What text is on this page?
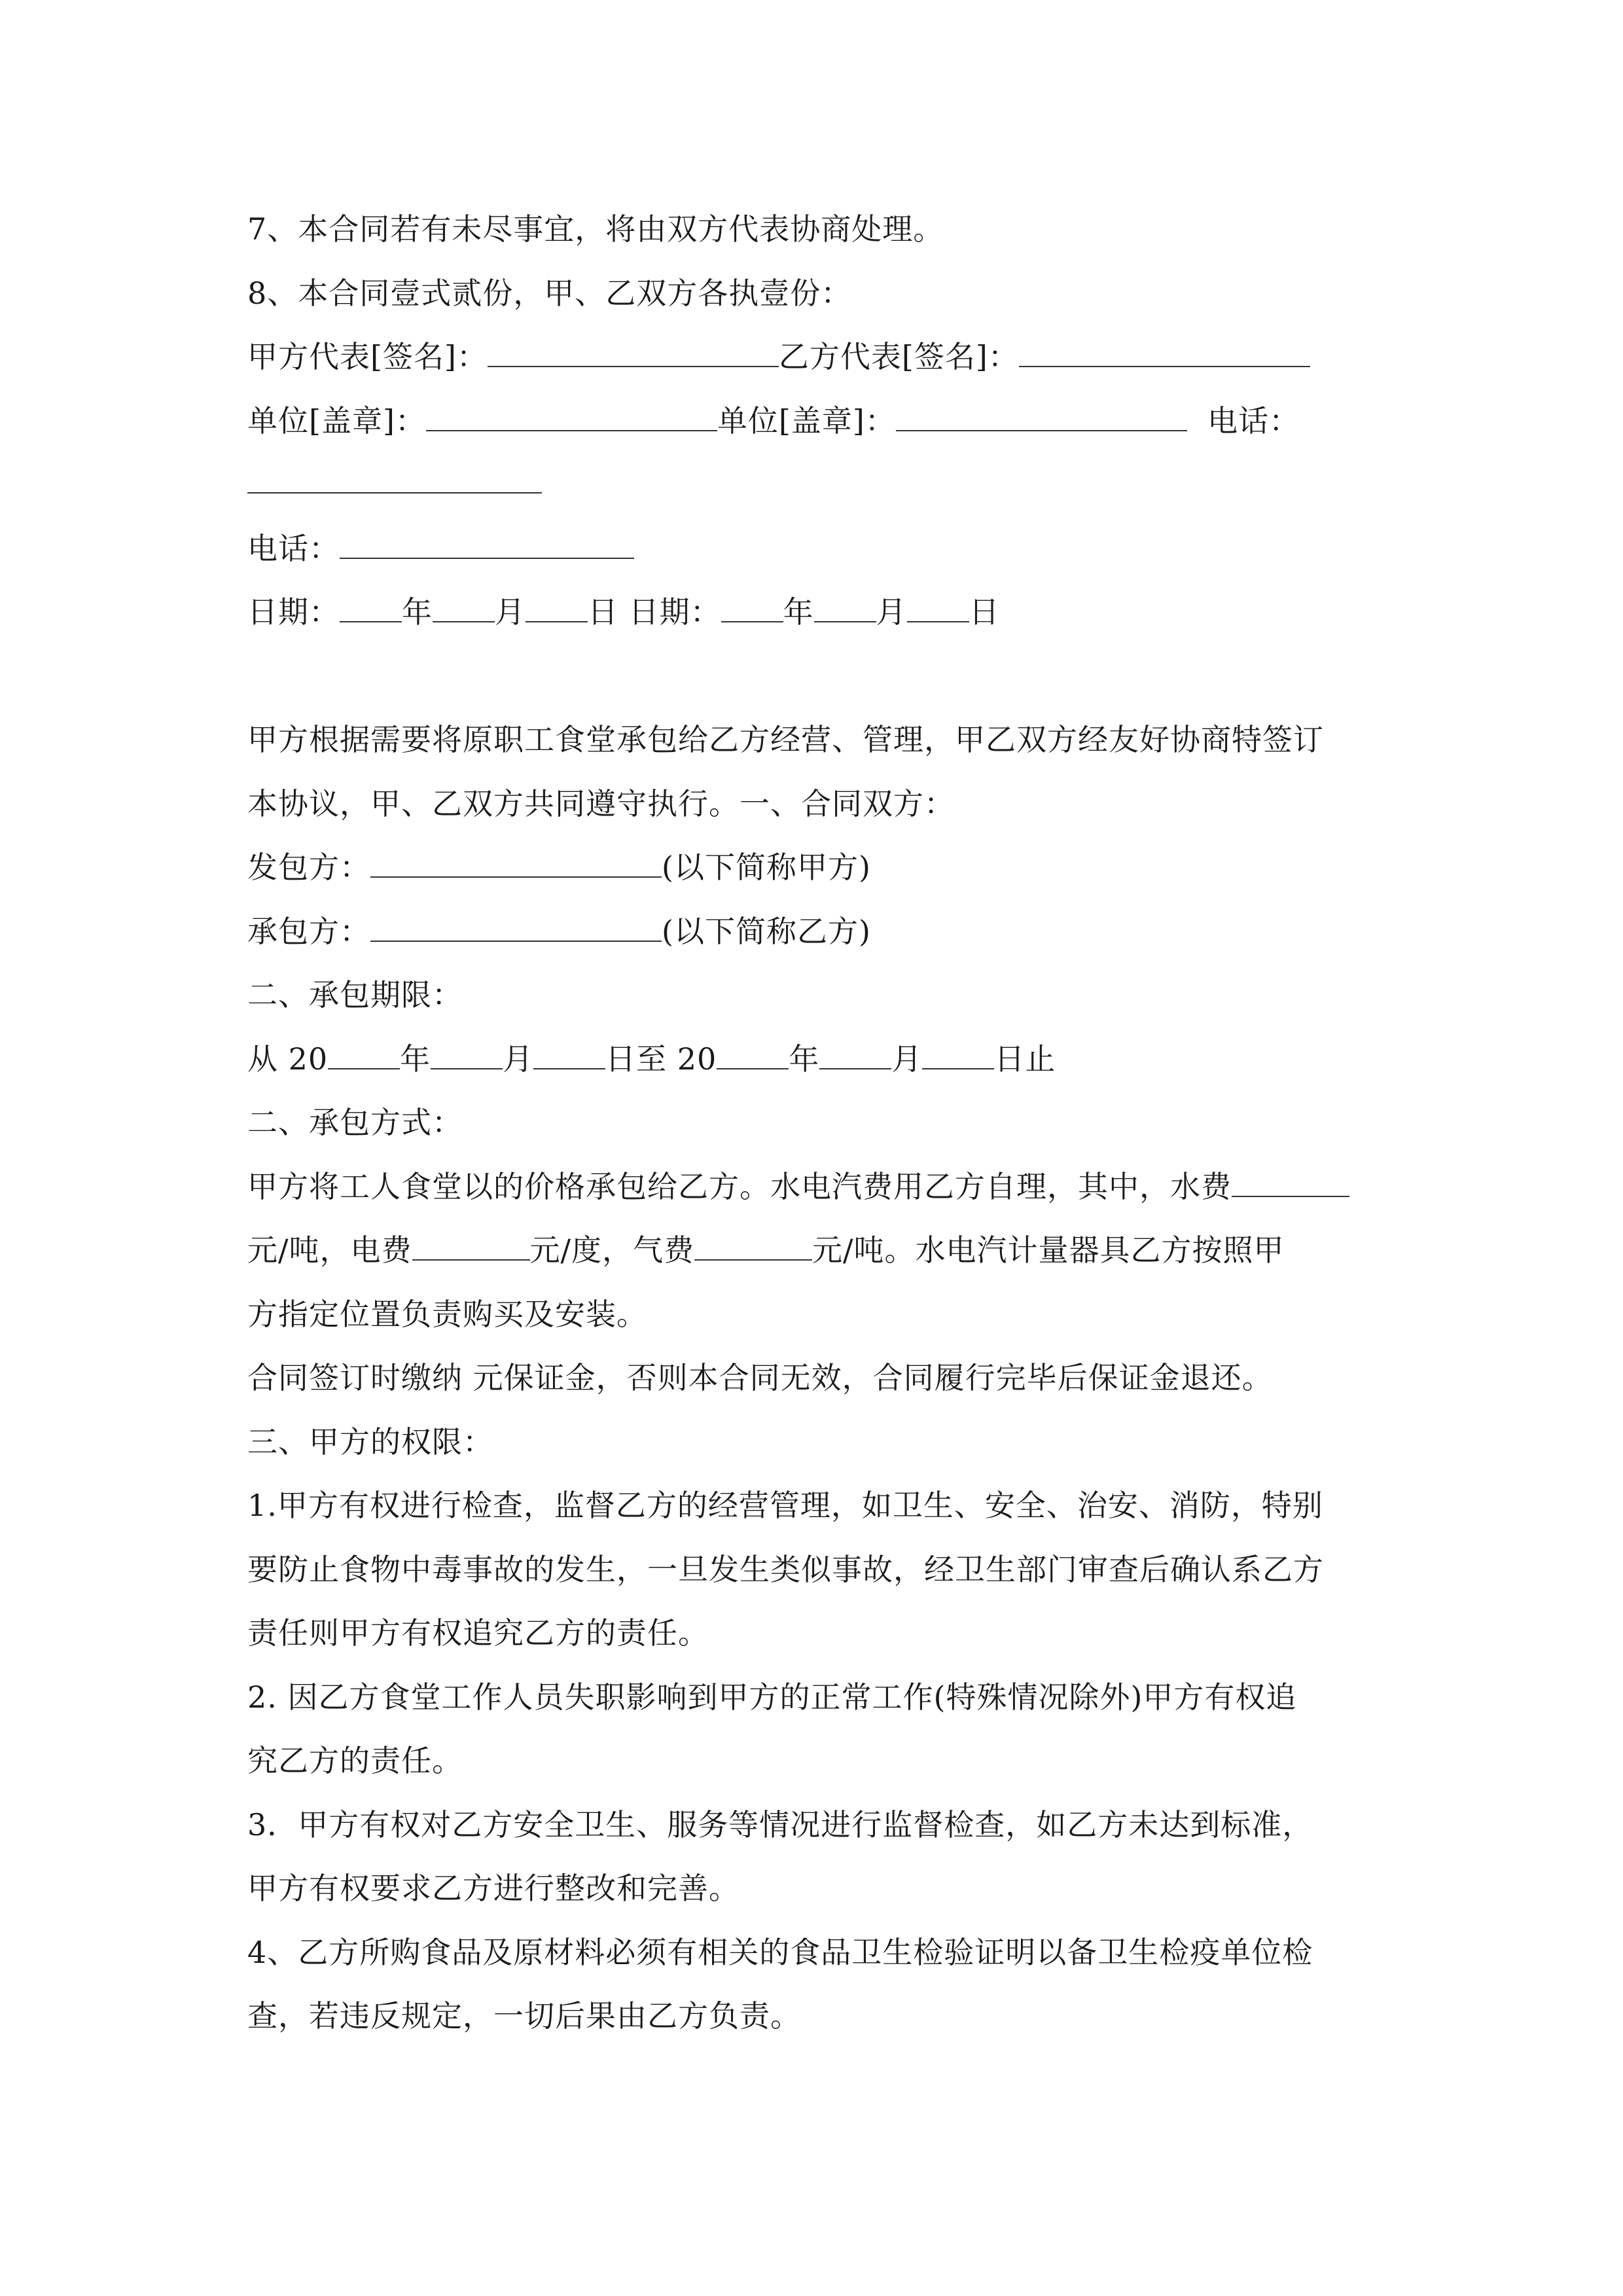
7、本合同若有未尽事宜，将由双方代表协商处理。
8、本合同壹式贰份，甲、乙双方各执壹份：
甲方代表[签名]：	乙方代表[签名]：
单位[盖章]：	单位[盖章]：	电话：
电话：
日期： 年 月 日 日期： 年 月 日
甲方根据需要将原职工食堂承包给乙方经营、管理，甲乙双方经友好协商特签订
本协议，甲、乙双方共同遵守执行。一、合同双方：
发包方：	(以下简称甲方)
承包方：	(以下简称乙方)
二、承包期限：
从 20 年 月 日至 20 年 月 日止
二、承包方式：
甲方将工人食堂以的价格承包给乙方。水电汽费用乙方自理，其中，水费
元/吨，电费	元/度，气费	元/吨。水电汽计量器具乙方按照甲
方指定位置负责购买及安装。
合同签订时缴纳 元保证金，否则本合同无效，合同履行完毕后保证金退还。
三、甲方的权限：
1.甲方有权进行检查，监督乙方的经营管理，如卫生、安全、治安、消防，特别
要防止食物中毒事故的发生，一旦发生类似事故，经卫生部门审查后确认系乙方
责任则甲方有权追究乙方的责任。
2. 因乙方食堂工作人员失职影响到甲方的正常工作(特殊情况除外)甲方有权追
究乙方的责任。
3．甲方有权对乙方安全卫生、服务等情况进行监督检查，如乙方未达到标准，
甲方有权要求乙方进行整改和完善。
4、乙方所购食品及原材料必须有相关的食品卫生检验证明以备卫生检疫单位检
查，若违反规定，一切后果由乙方负责。
